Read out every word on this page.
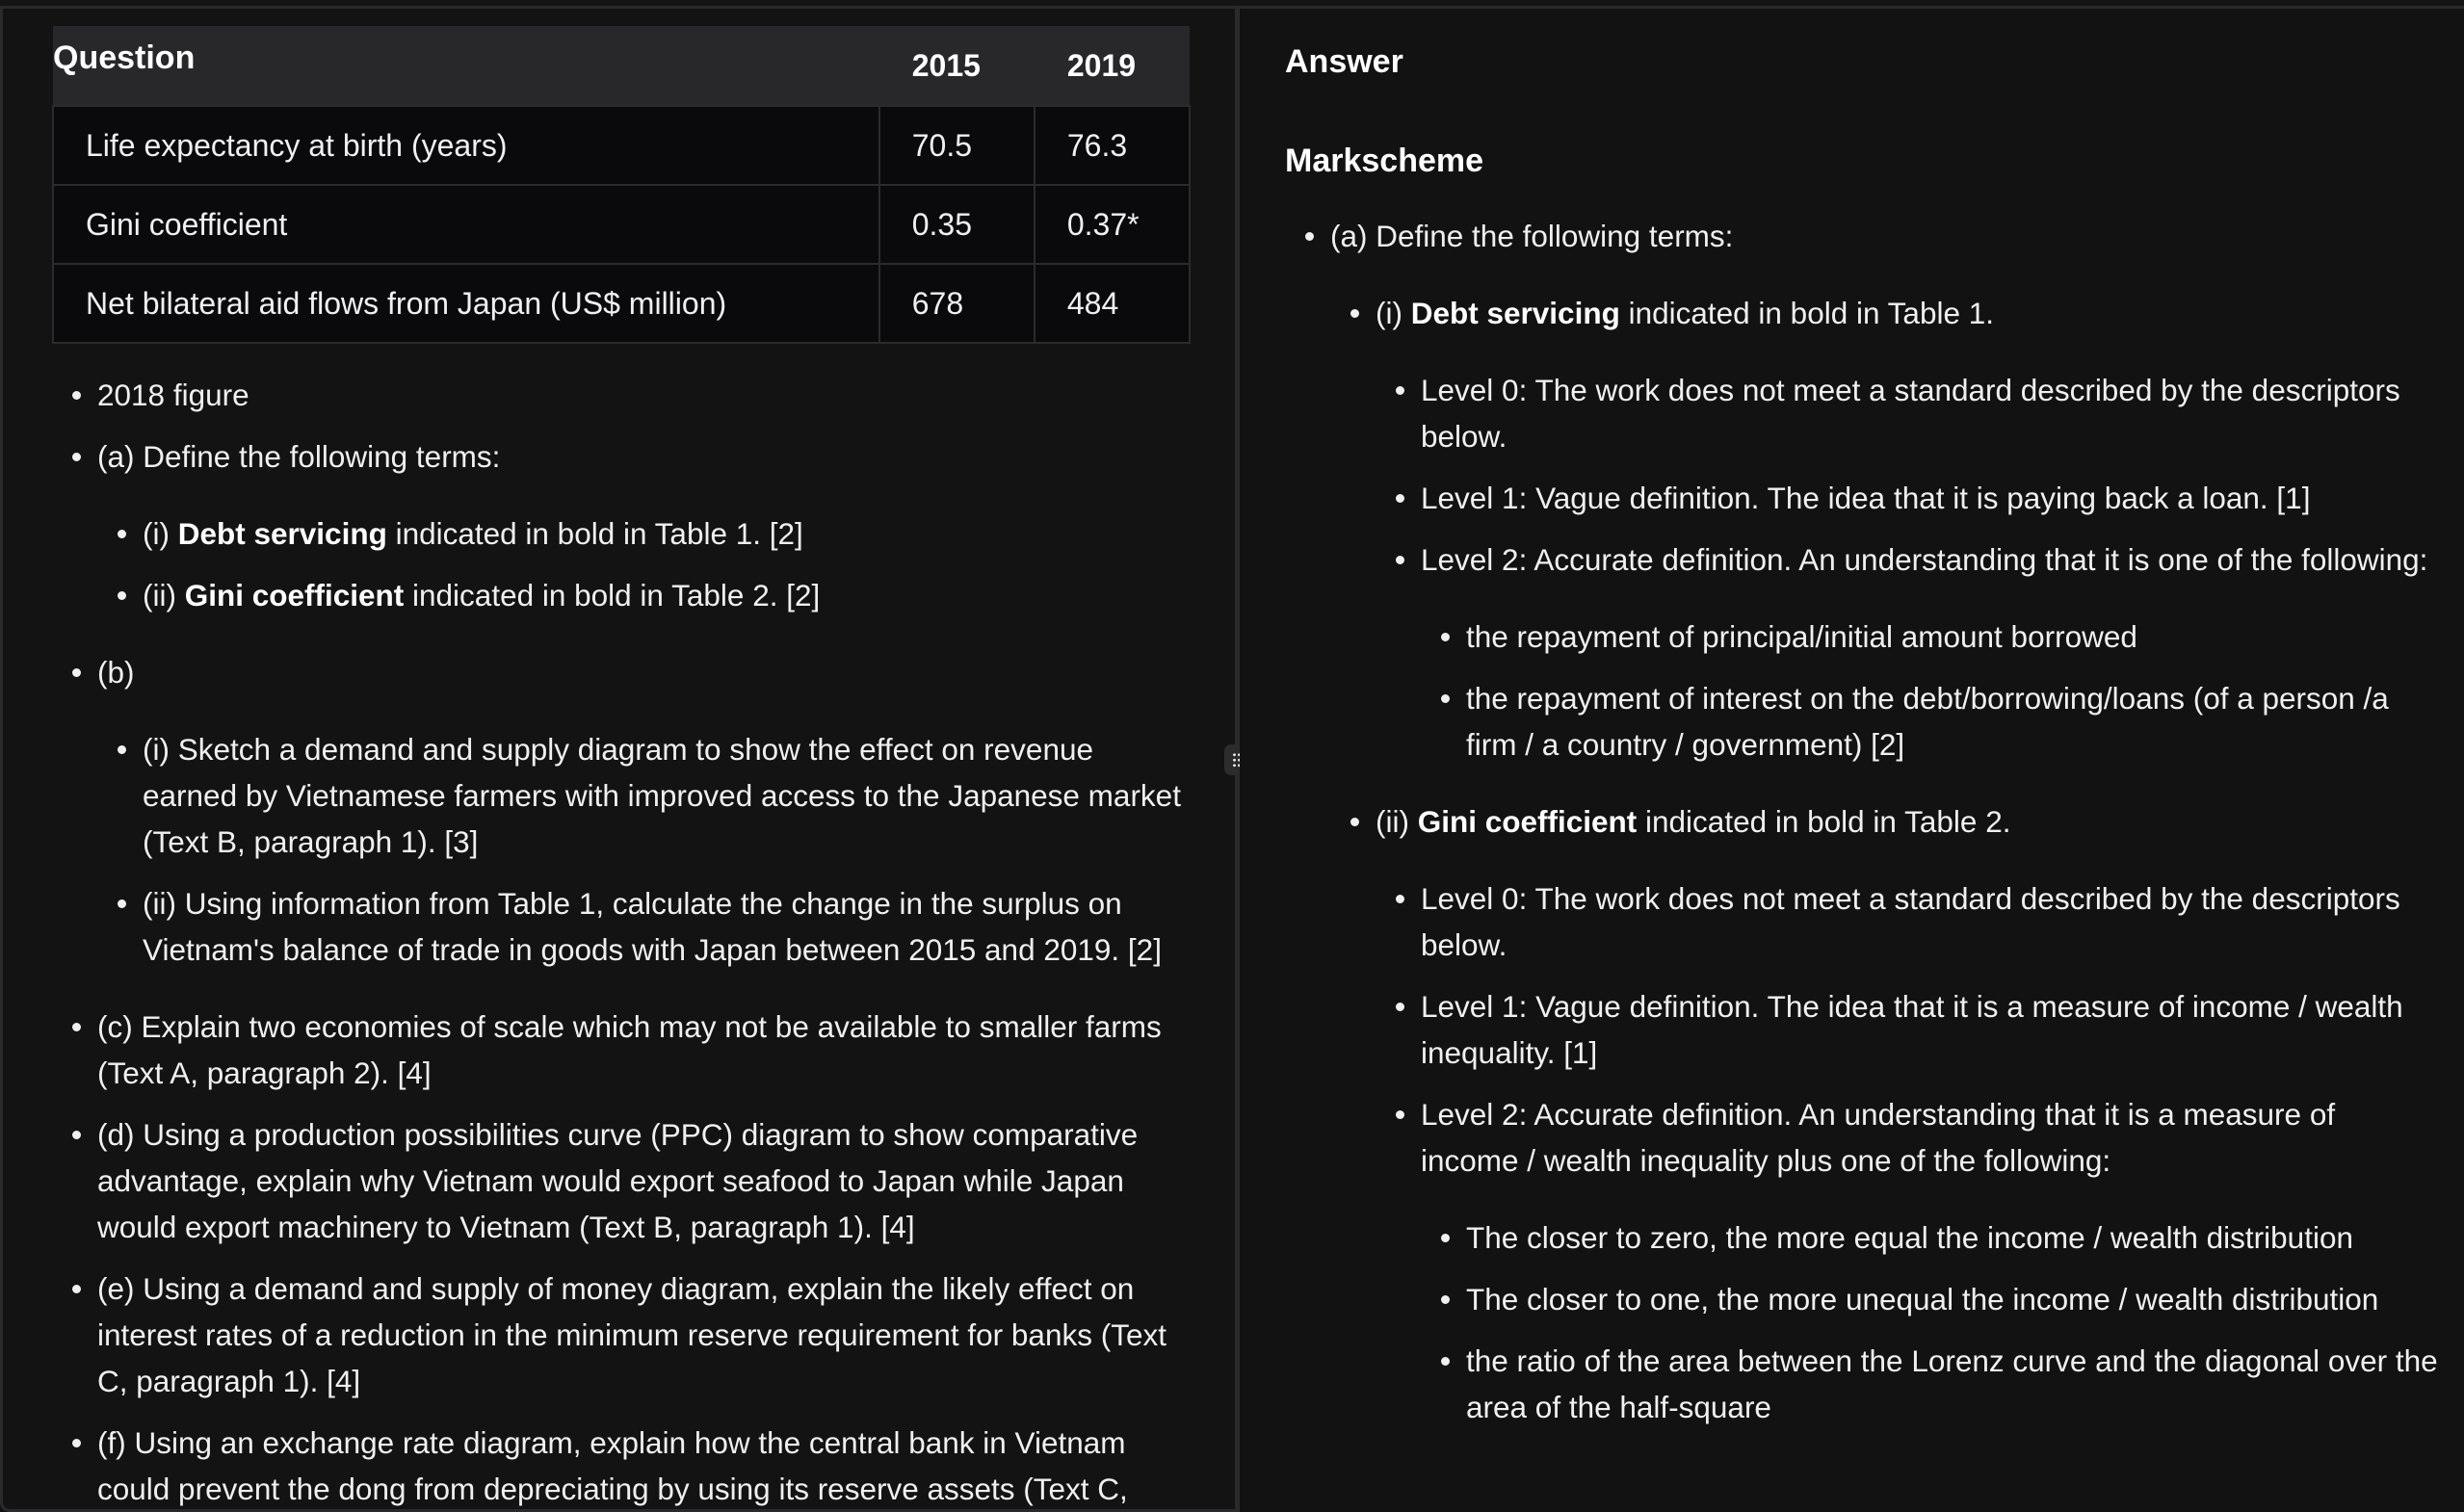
Question	2015	2019
Life expectancy at birth (years)	70.5	76.3
Gini coefficient	0.35	0.37*
Net bilateral aid flows from Japan (US$ million)	678	484
2018 figure
(a) Define the following terms:
(i) Debt servicing indicated in bold in Table 1. [2]
(ii) Gini coefficient indicated in bold in Table 2. [2]
(b)
(i) Sketch a demand and supply diagram to show the effect on revenue earned by Vietnamese farmers with improved access to the Japanese market (Text B, paragraph 1). [3]
(ii) Using information from Table 1, calculate the change in the surplus on Vietnam's balance of trade in goods with Japan between 2015 and 2019. [2]
(c) Explain two economies of scale which may not be available to smaller farms (Text A, paragraph 2). [4]
(d) Using a production possibilities curve (PPC) diagram to show comparative advantage, explain why Vietnam would export seafood to Japan while Japan would export machinery to Vietnam (Text B, paragraph 1). [4]
(e) Using a demand and supply of money diagram, explain the likely effect on interest rates of a reduction in the minimum reserve requirement for banks (Text C, paragraph 1). [4]
(f) Using an exchange rate diagram, explain how the central bank in Vietnam could prevent the dong from depreciating by using its reserve assets (Text C,
Answer
Markscheme
(a) Define the following terms:
(i) Debt servicing indicated in bold in Table 1.
Level 0: The work does not meet a standard described by the descriptors below.
Level 1: Vague definition. The idea that it is paying back a loan. [1]
Level 2: Accurate definition. An understanding that it is one of the following:
the repayment of principal/initial amount borrowed
the repayment of interest on the debt/borrowing/loans (of a person /a firm / a country / government) [2]
(ii) Gini coefficient indicated in bold in Table 2.
Level 0: The work does not meet a standard described by the descriptors below.
Level 1: Vague definition. The idea that it is a measure of income / wealth inequality. [1]
Level 2: Accurate definition. An understanding that it is a measure of income / wealth inequality plus one of the following:
The closer to zero, the more equal the income / wealth distribution
The closer to one, the more unequal the income / wealth distribution
the ratio of the area between the Lorenz curve and the diagonal over the area of the half-square
